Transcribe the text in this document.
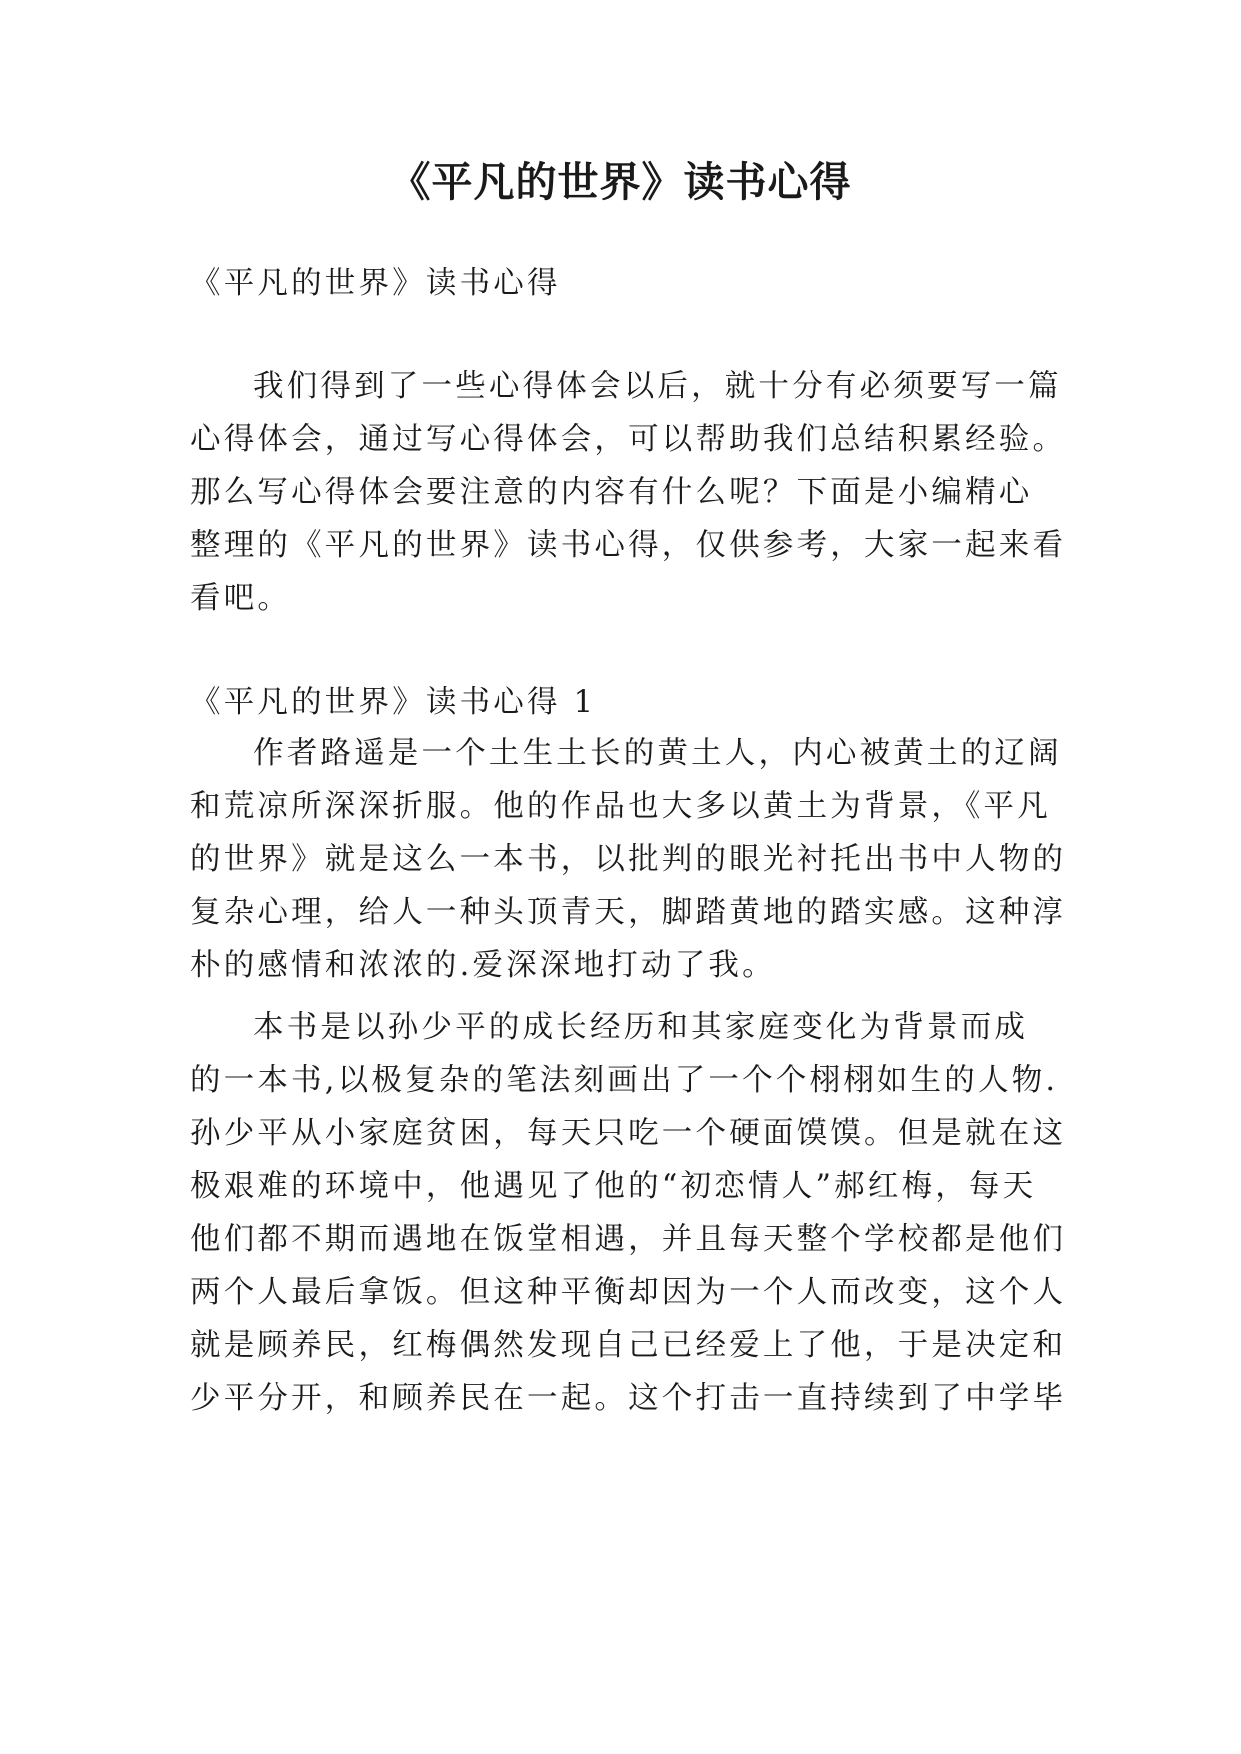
《平凡的世界》读书心得
《平凡的世界》读书心得
我们得到了一些心得体会以后，就十分有必须要写一篇
心得体会，通过写心得体会，可以帮助我们总结积累经验。
那么写心得体会要注意的内容有什么呢？下面是小编精心
整理的《平凡的世界》读书心得，仅供参考，大家一起来看
看吧。
《平凡的世界》读书心得 1
作者路遥是一个土生土长的黄土人，内心被黄土的辽阔
和荒凉所深深折服。他的作品也大多以黄土为背景，《平凡
的世界》就是这么一本书，以批判的眼光衬托出书中人物的
复杂心理，给人一种头顶青天，脚踏黄地的踏实感。这种淳
朴的感情和浓浓的.爱深深地打动了我。
本书是以孙少平的成长经历和其家庭变化为背景而成
的一本书,以极复杂的笔法刻画出了一个个栩栩如生的人物.
孙少平从小家庭贫困，每天只吃一个硬面馍馍。但是就在这
极艰难的环境中，他遇见了他的“初恋情人”郝红梅，每天
他们都不期而遇地在饭堂相遇，并且每天整个学校都是他们
两个人最后拿饭。但这种平衡却因为一个人而改变，这个人
就是顾养民，红梅偶然发现自己已经爱上了他，于是决定和
少平分开，和顾养民在一起。这个打击一直持续到了中学毕
